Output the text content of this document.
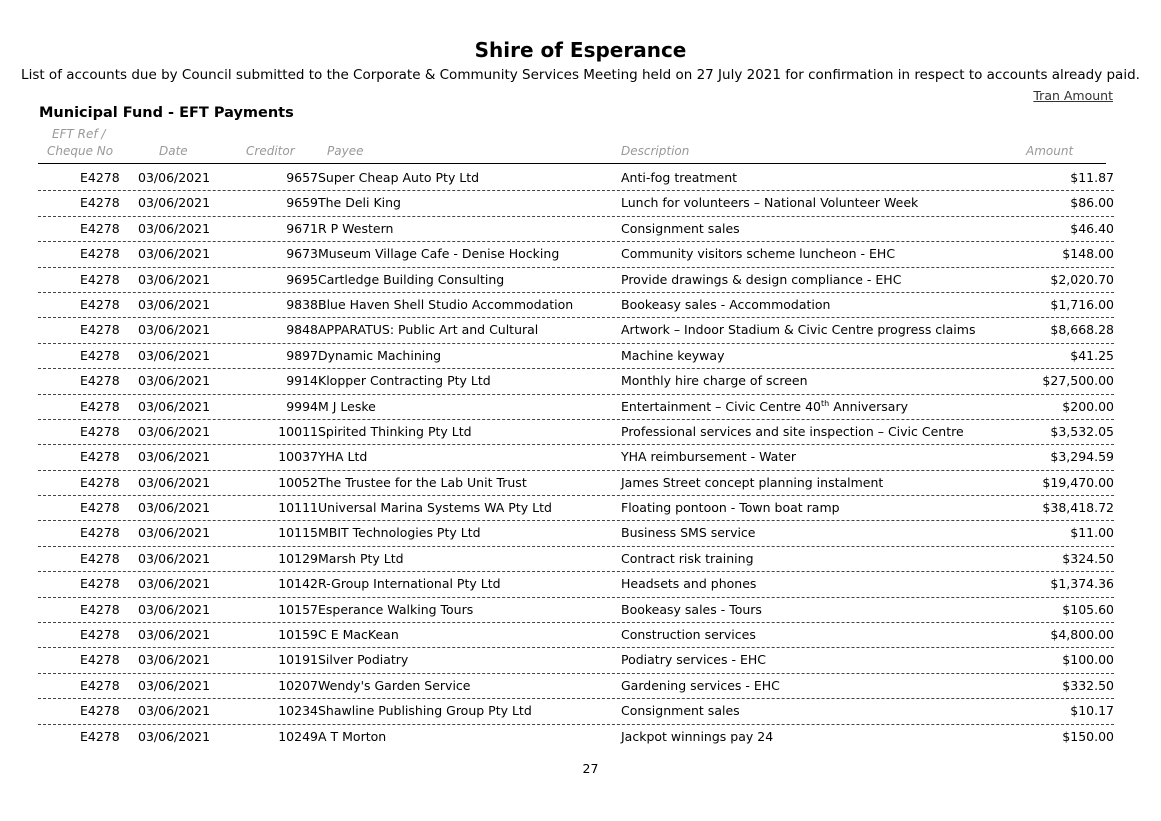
Shire of Esperance
List of accounts due by Council submitted to the Corporate & Community Services Meeting held on 27 July 2021 for confirmation in respect to accounts already paid.
Tran Amount
Municipal Fund - EFT Payments
EFT Ref /
Cheque No	Date	Creditor	Payee	Description	Amount
E4278 03/06/2021	9657 Super Cheap Auto Pty Ltd	Anti-fog treatment	$11.87
E4278 03/06/2021	9659 The Deli King	Lunch for volunteers – National Volunteer Week	$86.00
E4278 03/06/2021	9671 R P Western	Consignment sales	$46.40
E4278 03/06/2021	9673 Museum Village Cafe - Denise Hocking	Community visitors scheme luncheon - EHC	$148.00
E4278 03/06/2021	9695 Cartledge Building Consulting	Provide drawings & design compliance - EHC	$2,020.70
E4278 03/06/2021	9838 Blue Haven Shell Studio Accommodation	Bookeasy sales - Accommodation	$1,716.00
E4278 03/06/2021	9848 APPARATUS: Public Art and Cultural	Artwork – Indoor Stadium & Civic Centre progress claims	$8,668.28
E4278 03/06/2021	9897 Dynamic Machining	Machine keyway	$41.25
E4278 03/06/2021	9914 Klopper Contracting Pty Ltd	Monthly hire charge of screen	$27,500.00
E4278 03/06/2021	9994 M J Leske	Entertainment – Civic Centre 40th Anniversary	$200.00
E4278 03/06/2021	10011 Spirited Thinking Pty Ltd	Professional services and site inspection – Civic Centre	$3,532.05
E4278 03/06/2021	10037 YHA Ltd	YHA reimbursement - Water	$3,294.59
E4278 03/06/2021	10052 The Trustee for the Lab Unit Trust	James Street concept planning instalment	$19,470.00
E4278 03/06/2021	10111 Universal Marina Systems WA Pty Ltd	Floating pontoon - Town boat ramp	$38,418.72
E4278 03/06/2021	10115 MBIT Technologies Pty Ltd	Business SMS service	$11.00
E4278 03/06/2021	10129 Marsh Pty Ltd	Contract risk training	$324.50
E4278 03/06/2021	10142 R-Group International Pty Ltd	Headsets and phones	$1,374.36
E4278 03/06/2021	10157 Esperance Walking Tours	Bookeasy sales - Tours	$105.60
E4278 03/06/2021	10159 C E MacKean	Construction services	$4,800.00
E4278 03/06/2021	10191 Silver Podiatry	Podiatry services - EHC	$100.00
E4278 03/06/2021	10207 Wendy's Garden Service	Gardening services - EHC	$332.50
E4278 03/06/2021	10234 Shawline Publishing Group Pty Ltd	Consignment sales	$10.17
E4278 03/06/2021	10249 A T Morton	Jackpot winnings pay 24	$150.00
27
